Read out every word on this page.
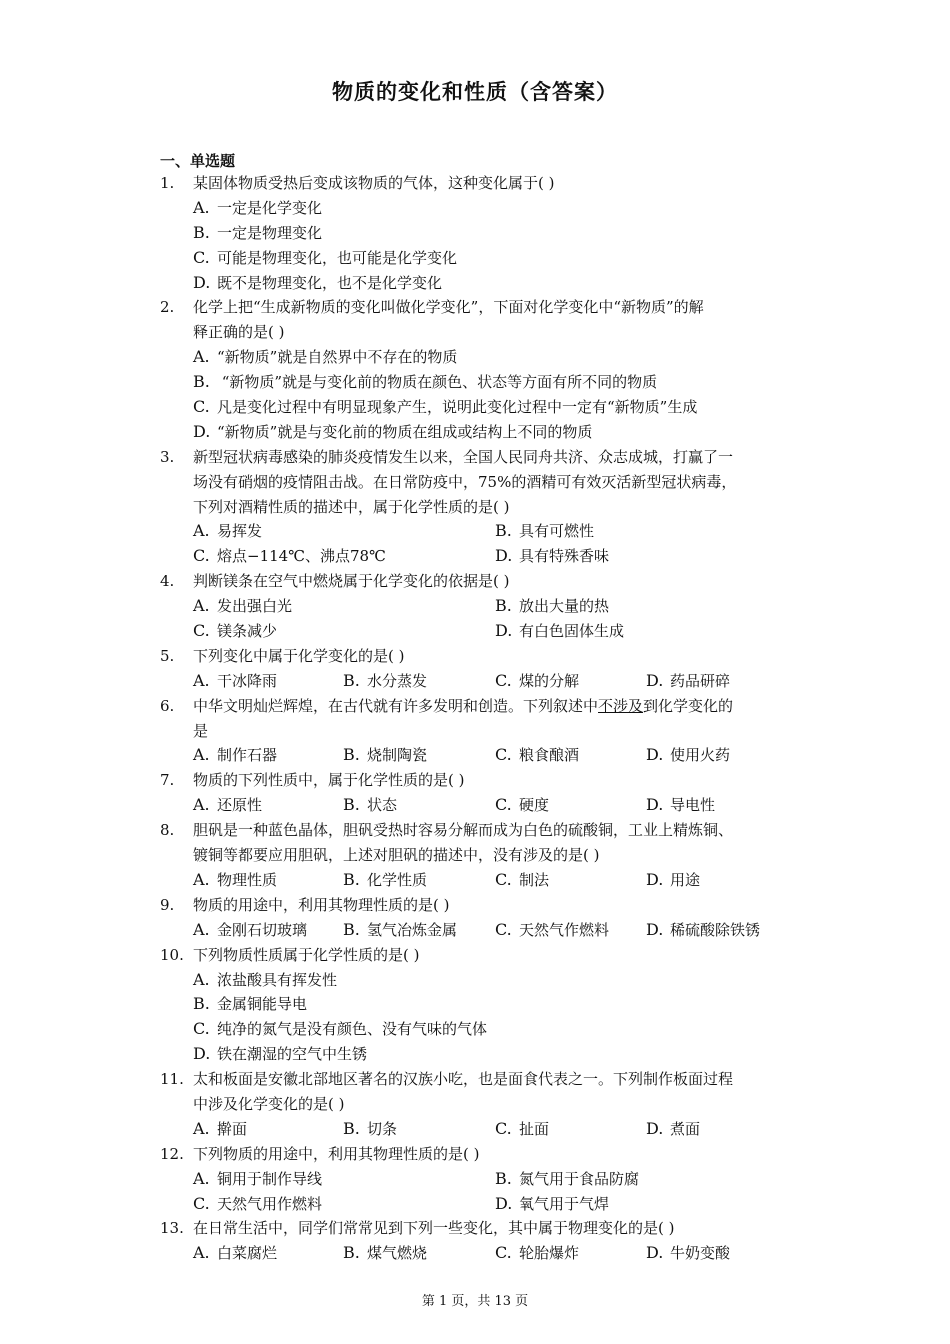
物质的变化和性质（含答案）
一、单选题
1.	某固体物质受热后变成该物质的气体，这种变化属于( )
A. 一定是化学变化
B. 一定是物理变化
C. 可能是物理变化，也可能是化学变化
D. 既不是物理变化，也不是化学变化
2.	化学上把“生成新物质的变化叫做化学变化”，下面对化学变化中“新物质”的解
释正确的是( )
A. “新物质”就是自然界中不存在的物质
B. “新物质”就是与变化前的物质在颜色、状态等方面有所不同的物质
C. 凡是变化过程中有明显现象产生，说明此变化过程中一定有“新物质”生成
D. “新物质”就是与变化前的物质在组成或结构上不同的物质
3.	新型冠状病毒感染的肺炎疫情发生以来，全国人民同舟共济、众志成城，打赢了一
场没有硝烟的疫情阻击战。在日常防疫中，75%的酒精可有效灭活新型冠状病毒，
下列对酒精性质的描述中，属于化学性质的是( )
A. 易挥发	B. 具有可燃性
C. 熔点−114℃、沸点78℃	D. 具有特殊香味
4.	判断镁条在空气中燃烧属于化学变化的依据是( )
A. 发出强白光	B. 放出大量的热
C. 镁条减少	D. 有白色固体生成
5.	下列变化中属于化学变化的是( )
A. 干冰降雨	B. 水分蒸发	C. 煤的分解	D. 药品研碎
6.	中华文明灿烂辉煌，在古代就有许多发明和创造。下列叙述中不涉及到化学变化的
是
A. 制作石器	B. 烧制陶瓷	C. 粮食酿酒	D. 使用火药
7.	物质的下列性质中，属于化学性质的是( )
A. 还原性	B. 状态	C. 硬度	D. 导电性
8.	胆矾是一种蓝色晶体，胆矾受热时容易分解而成为白色的硫酸铜，工业上精炼铜、
镀铜等都要应用胆矾，上述对胆矾的描述中，没有涉及的是( )
A. 物理性质	B. 化学性质	C. 制法	D. 用途
9.	物质的用途中，利用其物理性质的是( )
A. 金刚石切玻璃 B. 氢气冶炼金属 C. 天然气作燃料 D. 稀硫酸除铁锈
10. 下列物质性质属于化学性质的是( )
A. 浓盐酸具有挥发性
B. 金属铜能导电
C. 纯净的氮气是没有颜色、没有气味的气体
D. 铁在潮湿的空气中生锈
11. 太和板面是安徽北部地区著名的汉族小吃，也是面食代表之一。下列制作板面过程
中涉及化学变化的是( )
A. 擀面	B. 切条	C. 扯面	D. 煮面
12. 下列物质的用途中，利用其物理性质的是( )
A. 铜用于制作导线	B. 氮气用于食品防腐
C. 天然气用作燃料	D. 氧气用于气焊
13. 在日常生活中，同学们常常见到下列一些变化，其中属于物理变化的是( )
A. 白菜腐烂	B. 煤气燃烧	C. 轮胎爆炸	D. 牛奶变酸
第 1 页，共 13 页
